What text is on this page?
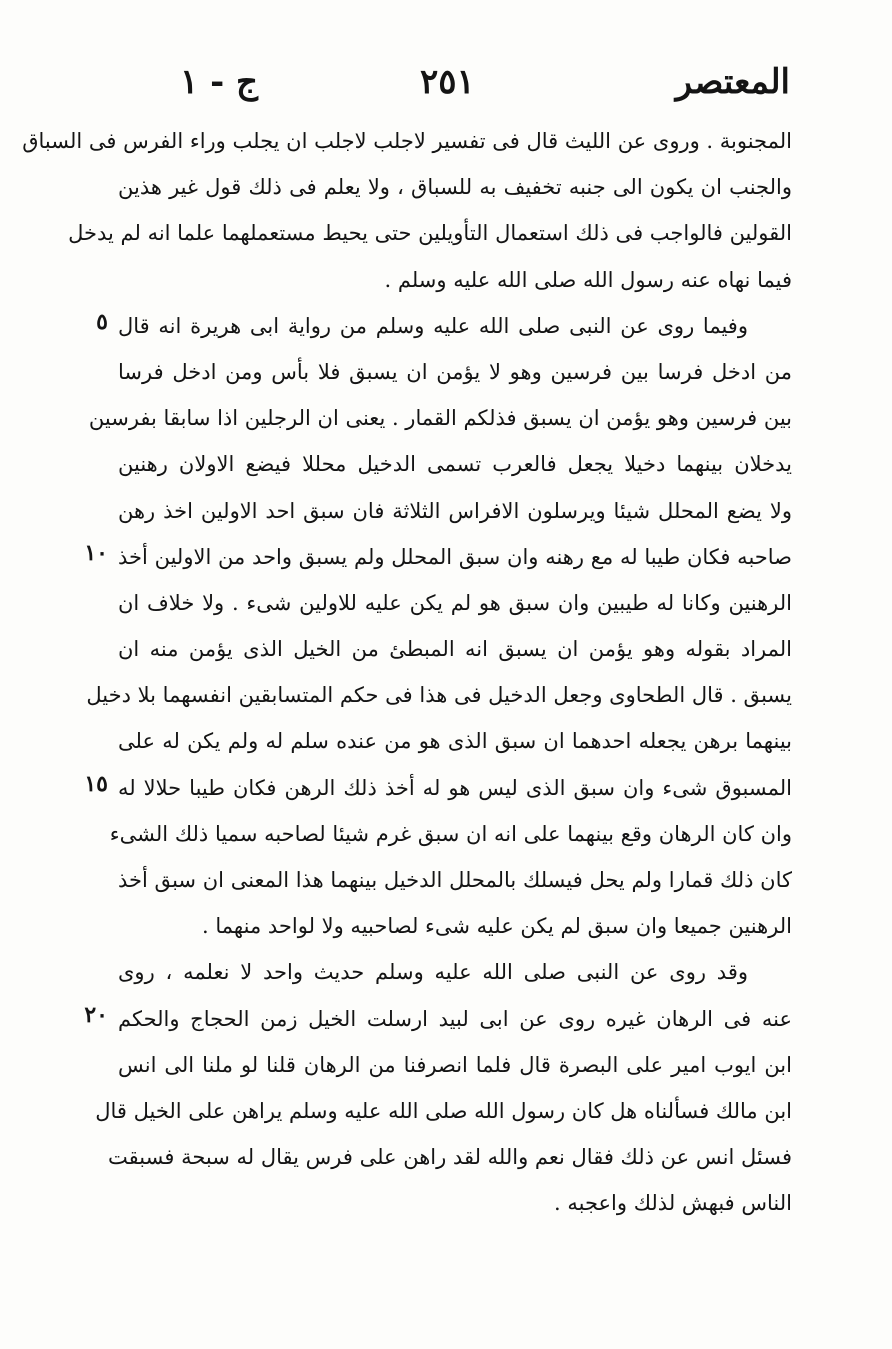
المعتصر
٢٥١
ج - ١
المجنوبة . وروى عن الليث قال فى تفسير لاجلب لاجلب ان يجلب وراء الفرس فى السباق
والجنب ان يكون الى جنبه تخفيف به للسباق ، ولا يعلم فى ذلك قول غير هذين
القولين فالواجب فى ذلك استعمال التأويلين حتى يحيط مستعملهما علما انه لم يدخل
فيما نهاه عنه رسول الله صلى الله عليه وسلم .
وفيما روى عن النبى صلى الله عليه وسلم من رواية ابى هريرة انه قال
من ادخل فرسا بين فرسين وهو لا يؤمن ان يسبق فلا بأس ومن ادخل فرسا
بين فرسين وهو يؤمن ان يسبق فذلكم القمار . يعنى ان الرجلين اذا سابقا بفرسين
يدخلان بينهما دخيلا يجعل فالعرب تسمى الدخيل محللا فيضع الاولان رهنين
ولا يضع المحلل شيئا ويرسلون الافراس الثلاثة فان سبق احد الاولين اخذ رهن
صاحبه فكان طيبا له مع رهنه وان سبق المحلل ولم يسبق واحد من الاولين أخذ
الرهنين وكانا له طيبين وان سبق هو لم يكن عليه للاولين شىء . ولا خلاف ان
المراد بقوله وهو يؤمن ان يسبق انه المبطئ من الخيل الذى يؤمن منه ان
يسبق . قال الطحاوى وجعل الدخيل فى هذا فى حكم المتسابقين انفسهما بلا دخيل
بينهما برهن يجعله احدهما ان سبق الذى هو من عنده سلم له ولم يكن له على
المسبوق شىء وان سبق الذى ليس هو له أخذ ذلك الرهن فكان طيبا حلالا له
وان كان الرهان وقع بينهما على انه ان سبق غرم شيئا لصاحبه سميا ذلك الشىء
كان ذلك قمارا ولم يحل فيسلك بالمحلل الدخيل بينهما هذا المعنى ان سبق أخذ
الرهنين جميعا وان سبق لم يكن عليه شىء لصاحبيه ولا لواحد منهما .
وقد روى عن النبى صلى الله عليه وسلم حديث واحد لا نعلمه ، روى
عنه فى الرهان غيره روى عن ابى لبيد ارسلت الخيل زمن الحجاج والحكم
ابن ايوب امير على البصرة قال فلما انصرفنا من الرهان قلنا لو ملنا الى انس
ابن مالك فسألناه هل كان رسول الله صلى الله عليه وسلم يراهن على الخيل قال
فسئل انس عن ذلك فقال نعم والله لقد راهن على فرس يقال له سبحة فسبقت
الناس فبهش لذلك واعجبه .
٥
١٠
١٥
٢٠
